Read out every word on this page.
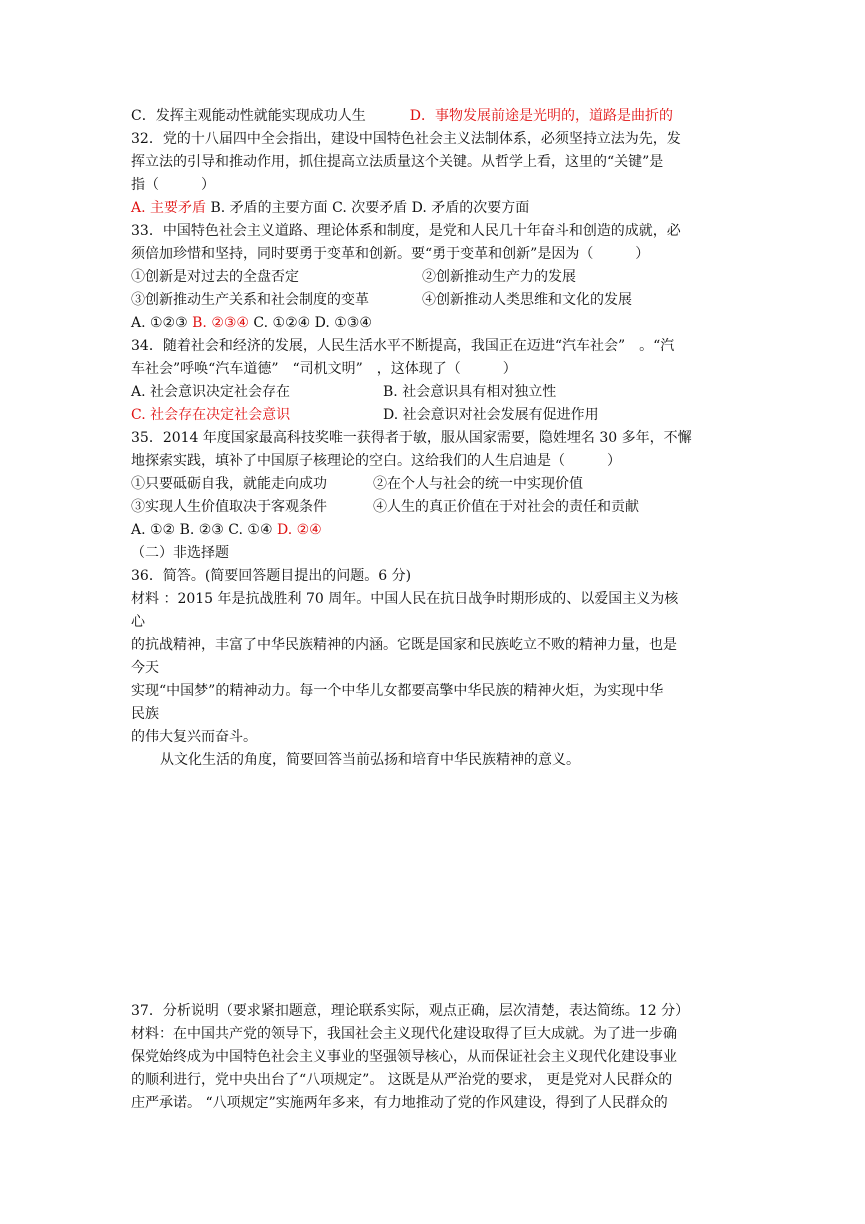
C．发挥主观能动性就能实现成功人生	D．事物发展前途是光明的，道路是曲折的
32．党的十八届四中全会指出，建设中国特色社会主义法制体系，必须坚持立法为先，发
挥立法的引导和推动作用，抓住提高立法质量这个关键。从哲学上看，这里的“关键”是
指（　　　）
A. 主要矛盾 B. 矛盾的主要方面 C. 次要矛盾 D. 矛盾的次要方面
33．中国特色社会主义道路、理论体系和制度，是党和人民几十年奋斗和创造的成就，必
须倍加珍惜和坚持，同时要勇于变革和创新。要“勇于变革和创新”是因为（　　　）
①创新是对过去的全盘否定	②创新推动生产力的发展
③创新推动生产关系和社会制度的变革	④创新推动人类思维和文化的发展
A. ①②③ B. ②③④ C. ①②④ D. ①③④
34．随着社会和经济的发展，人民生活水平不断提高，我国正在迈进“汽车社会”　。“汽
车社会”呼唤“汽车道德”　“司机文明”　，这体现了（　　　）
A. 社会意识决定社会存在	B. 社会意识具有相对独立性
C. 社会存在决定社会意识	D. 社会意识对社会发展有促进作用
35．2014 年度国家最高科技奖唯一获得者于敏，服从国家需要，隐姓埋名 30 多年，不懈
地探索实践，填补了中国原子核理论的空白。这给我们的人生启迪是（　　　）
①只要砥砺自我，就能走向成功	②在个人与社会的统一中实现价值
③实现人生价值取决于客观条件	④人生的真正价值在于对社会的责任和贡献
A. ①② B. ②③ C. ①④ D. ②④
（二）非选择题
36．简答。(简要回答题目提出的问题。6 分)
材料 ：2015 年是抗战胜利 70 周年。中国人民在抗日战争时期形成的、以爱国主义为核
心
的抗战精神，丰富了中华民族精神的内涵。它既是国家和民族屹立不败的精神力量，也是
今天
实现“中国梦”的精神动力。每一个中华儿女都要高擎中华民族的精神火炬，为实现中华
民族
的伟大复兴而奋斗。
从文化生活的角度，简要回答当前弘扬和培育中华民族精神的意义。
37．分析说明（要求紧扣题意，理论联系实际，观点正确，层次清楚，表达简练。12 分）
材料：在中国共产党的领导下，我国社会主义现代化建设取得了巨大成就。为了进一步确
保党始终成为中国特色社会主义事业的坚强领导核心，从而保证社会主义现代化建设事业
的顺利进行，党中央出台了“八项规定”。 这既是从严治党的要求， 更是党对人民群众的
庄严承诺。 “八项规定”实施两年多来，有力地推动了党的作风建设，得到了人民群众的
